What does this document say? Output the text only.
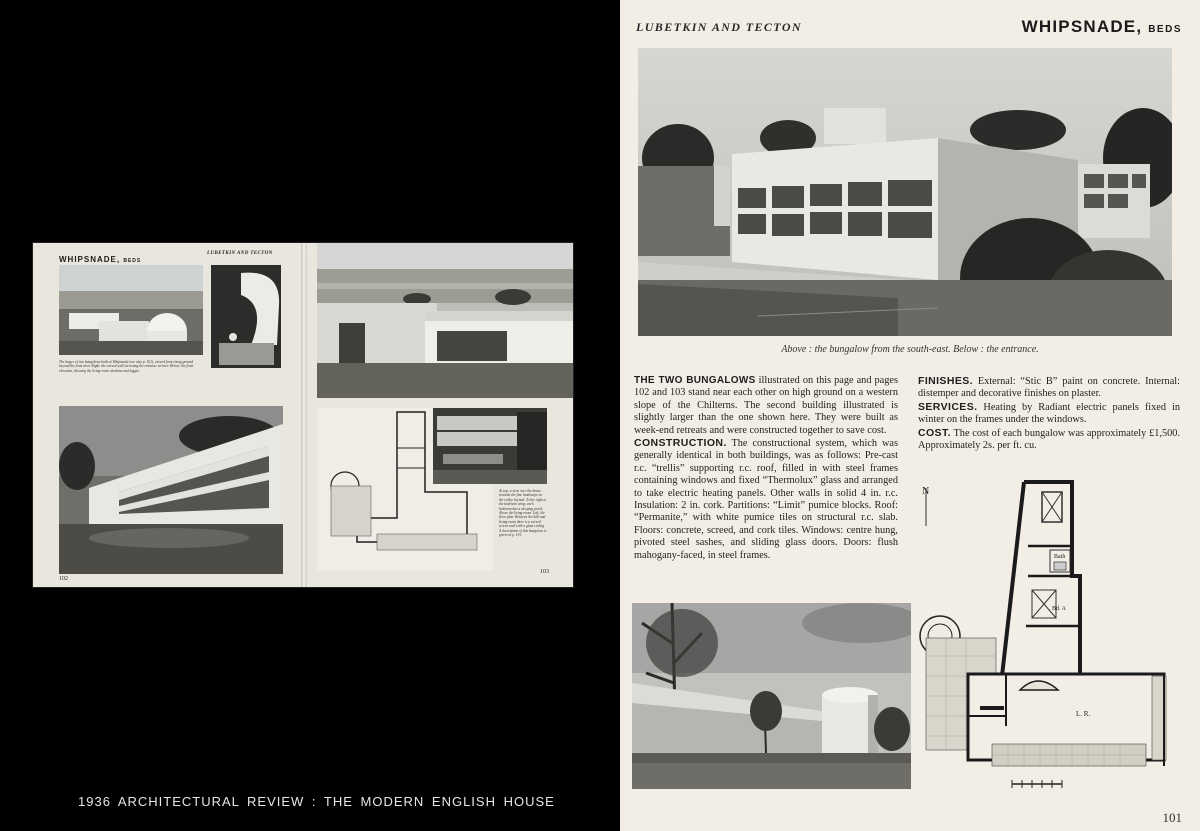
WHIPSNADE, BEDS
LUBETKIN AND TECTON
The larger of two bungalows built at Whipsnade (see also p. 101), viewed from rising ground beyond the front door. Right: the curved wall screening the entrance terrace. Below: the front elevation, showing the living-room windows and loggia.
102
At top: a view over the house towards the fine landscape on the valley beyond. To the right is the bedroom wing; each bedroom has a sleeping porch. Above the living-room. Left: the floor plan. Between the hall and living-room there is a curved screen wall with a glass ceiling. A description of this bungalow is given on p. 101.
103
1936 ARCHITECTURAL REVIEW : THE MODERN ENGLISH HOUSE
LUBETKIN AND TECTON	WHIPSNADE, BEDS
Above : the bungalow from the south-east. Below : the entrance.

THE TWO BUNGALOWS illustrated on this page and pages 102 and 103 stand near each other on high ground on a western slope of the Chilterns. The second building illustrated is slightly larger than the one shown here. They were built as week-end retreats and were constructed together to save cost.

CONSTRUCTION. The constructional system, which was generally identical in both buildings, was as follows: Pre-cast r.c. “trellis” supporting r.c. roof, filled in with steel frames containing windows and fixed “Thermolux” glass and arranged to take electric heating panels. Other walls in solid 4 in. r.c. Insulation: 2 in. cork. Partitions: “Limit” pumice blocks. Roof: “Permanite,” with white pumice tiles on structural r.c. slab. Floors: concrete, screed, and cork tiles. Windows: centre hung, pivoted steel sashes, and sliding glass doors. Doors: flush mahogany-faced, in steel frames.

FINISHES. External: “Stic B” paint on concrete. Internal: distemper and decorative finishes on plaster.

SERVICES. Heating by Radiant electric panels fixed in winter on the frames under the windows.

COST. The cost of each bungalow was approximately £1,500. Approximately 2s. per ft. cu.

N
Bath
Bd. A
L. R.
101
